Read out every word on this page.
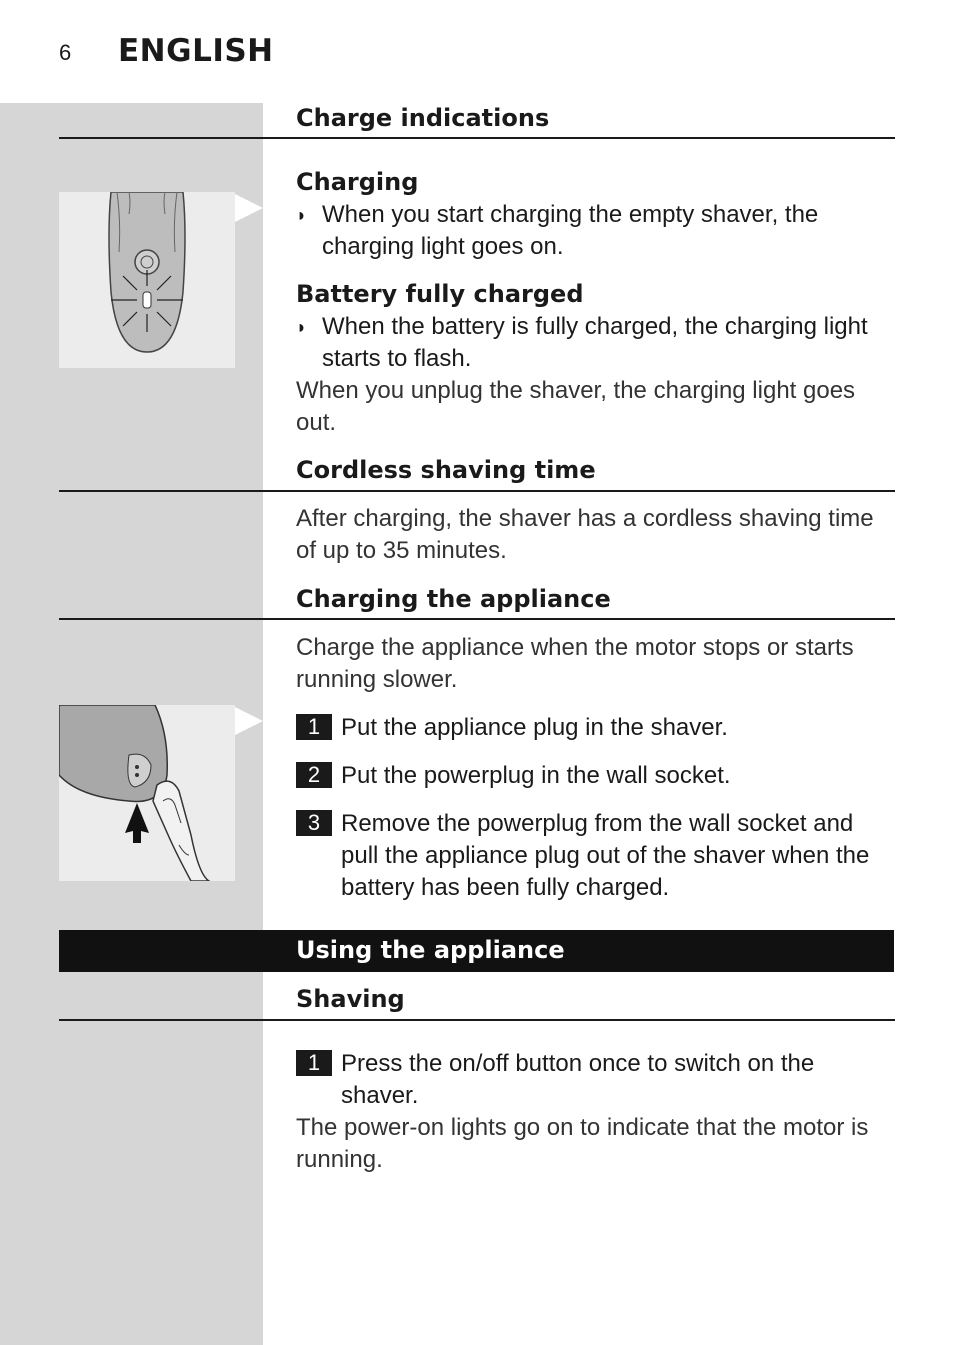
6 ENGLISH
Charge indications
Charging
◗ When you start charging the empty shaver, the charging light goes on.
Battery fully charged
◗ When the battery is fully charged, the charging light starts to flash.
When you unplug the shaver, the charging light goes out.
Cordless shaving time
After charging, the shaver has a cordless shaving time of up to 35 minutes.
Charging the appliance
Charge the appliance when the motor stops or starts running slower.
1 Put the appliance plug in the shaver.
2 Put the powerplug in the wall socket.
3 Remove the powerplug from the wall socket and pull the appliance plug out of the shaver when the battery has been fully charged.
Using the appliance
Shaving
1 Press the on/off button once to switch on the shaver.
The power-on lights go on to indicate that the motor is running.
